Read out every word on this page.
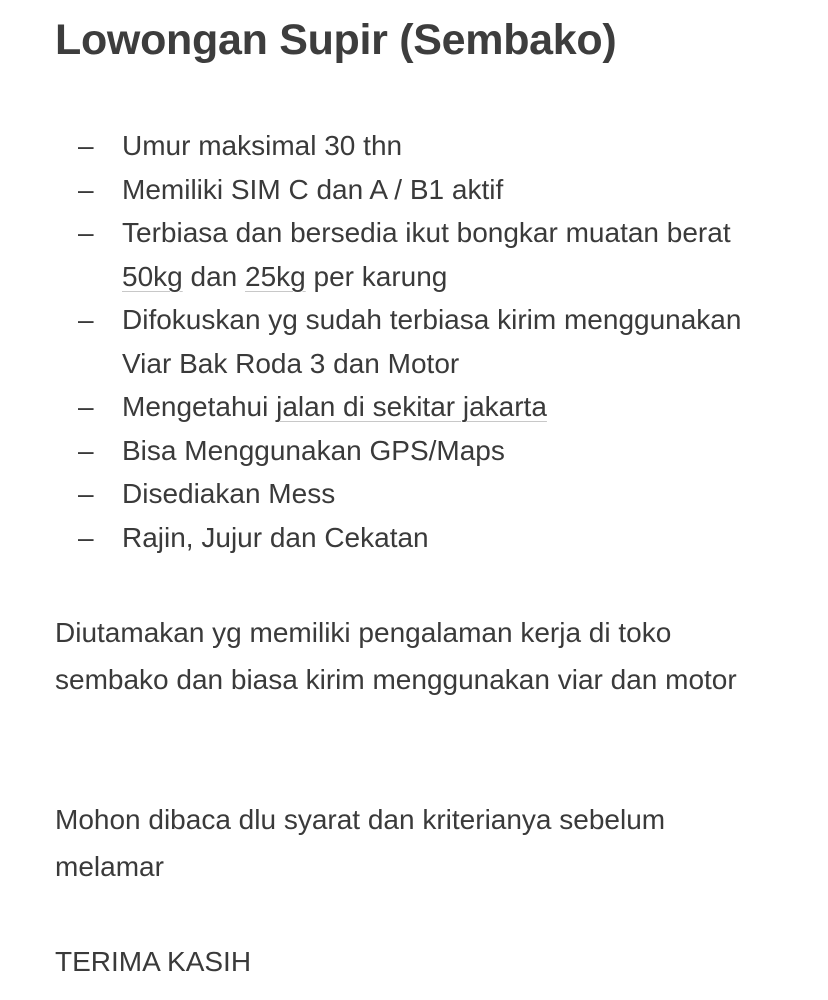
Lowongan Supir (Sembako)
–	Umur maksimal 30 thn
–	Memiliki SIM C dan A / B1 aktif
–	Terbiasa dan bersedia ikut bongkar muatan berat 50kg dan 25kg per karung
–	Difokuskan yg sudah terbiasa kirim menggunakan Viar Bak Roda 3 dan Motor
–	Mengetahui jalan di sekitar jakarta
–	Bisa Menggunakan GPS/Maps
–	Disediakan Mess
–	Rajin, Jujur dan Cekatan

Diutamakan yg memiliki pengalaman kerja di toko sembako dan biasa kirim menggunakan viar dan motor

Mohon dibaca dlu syarat dan kriterianya sebelum melamar

TERIMA KASIH
